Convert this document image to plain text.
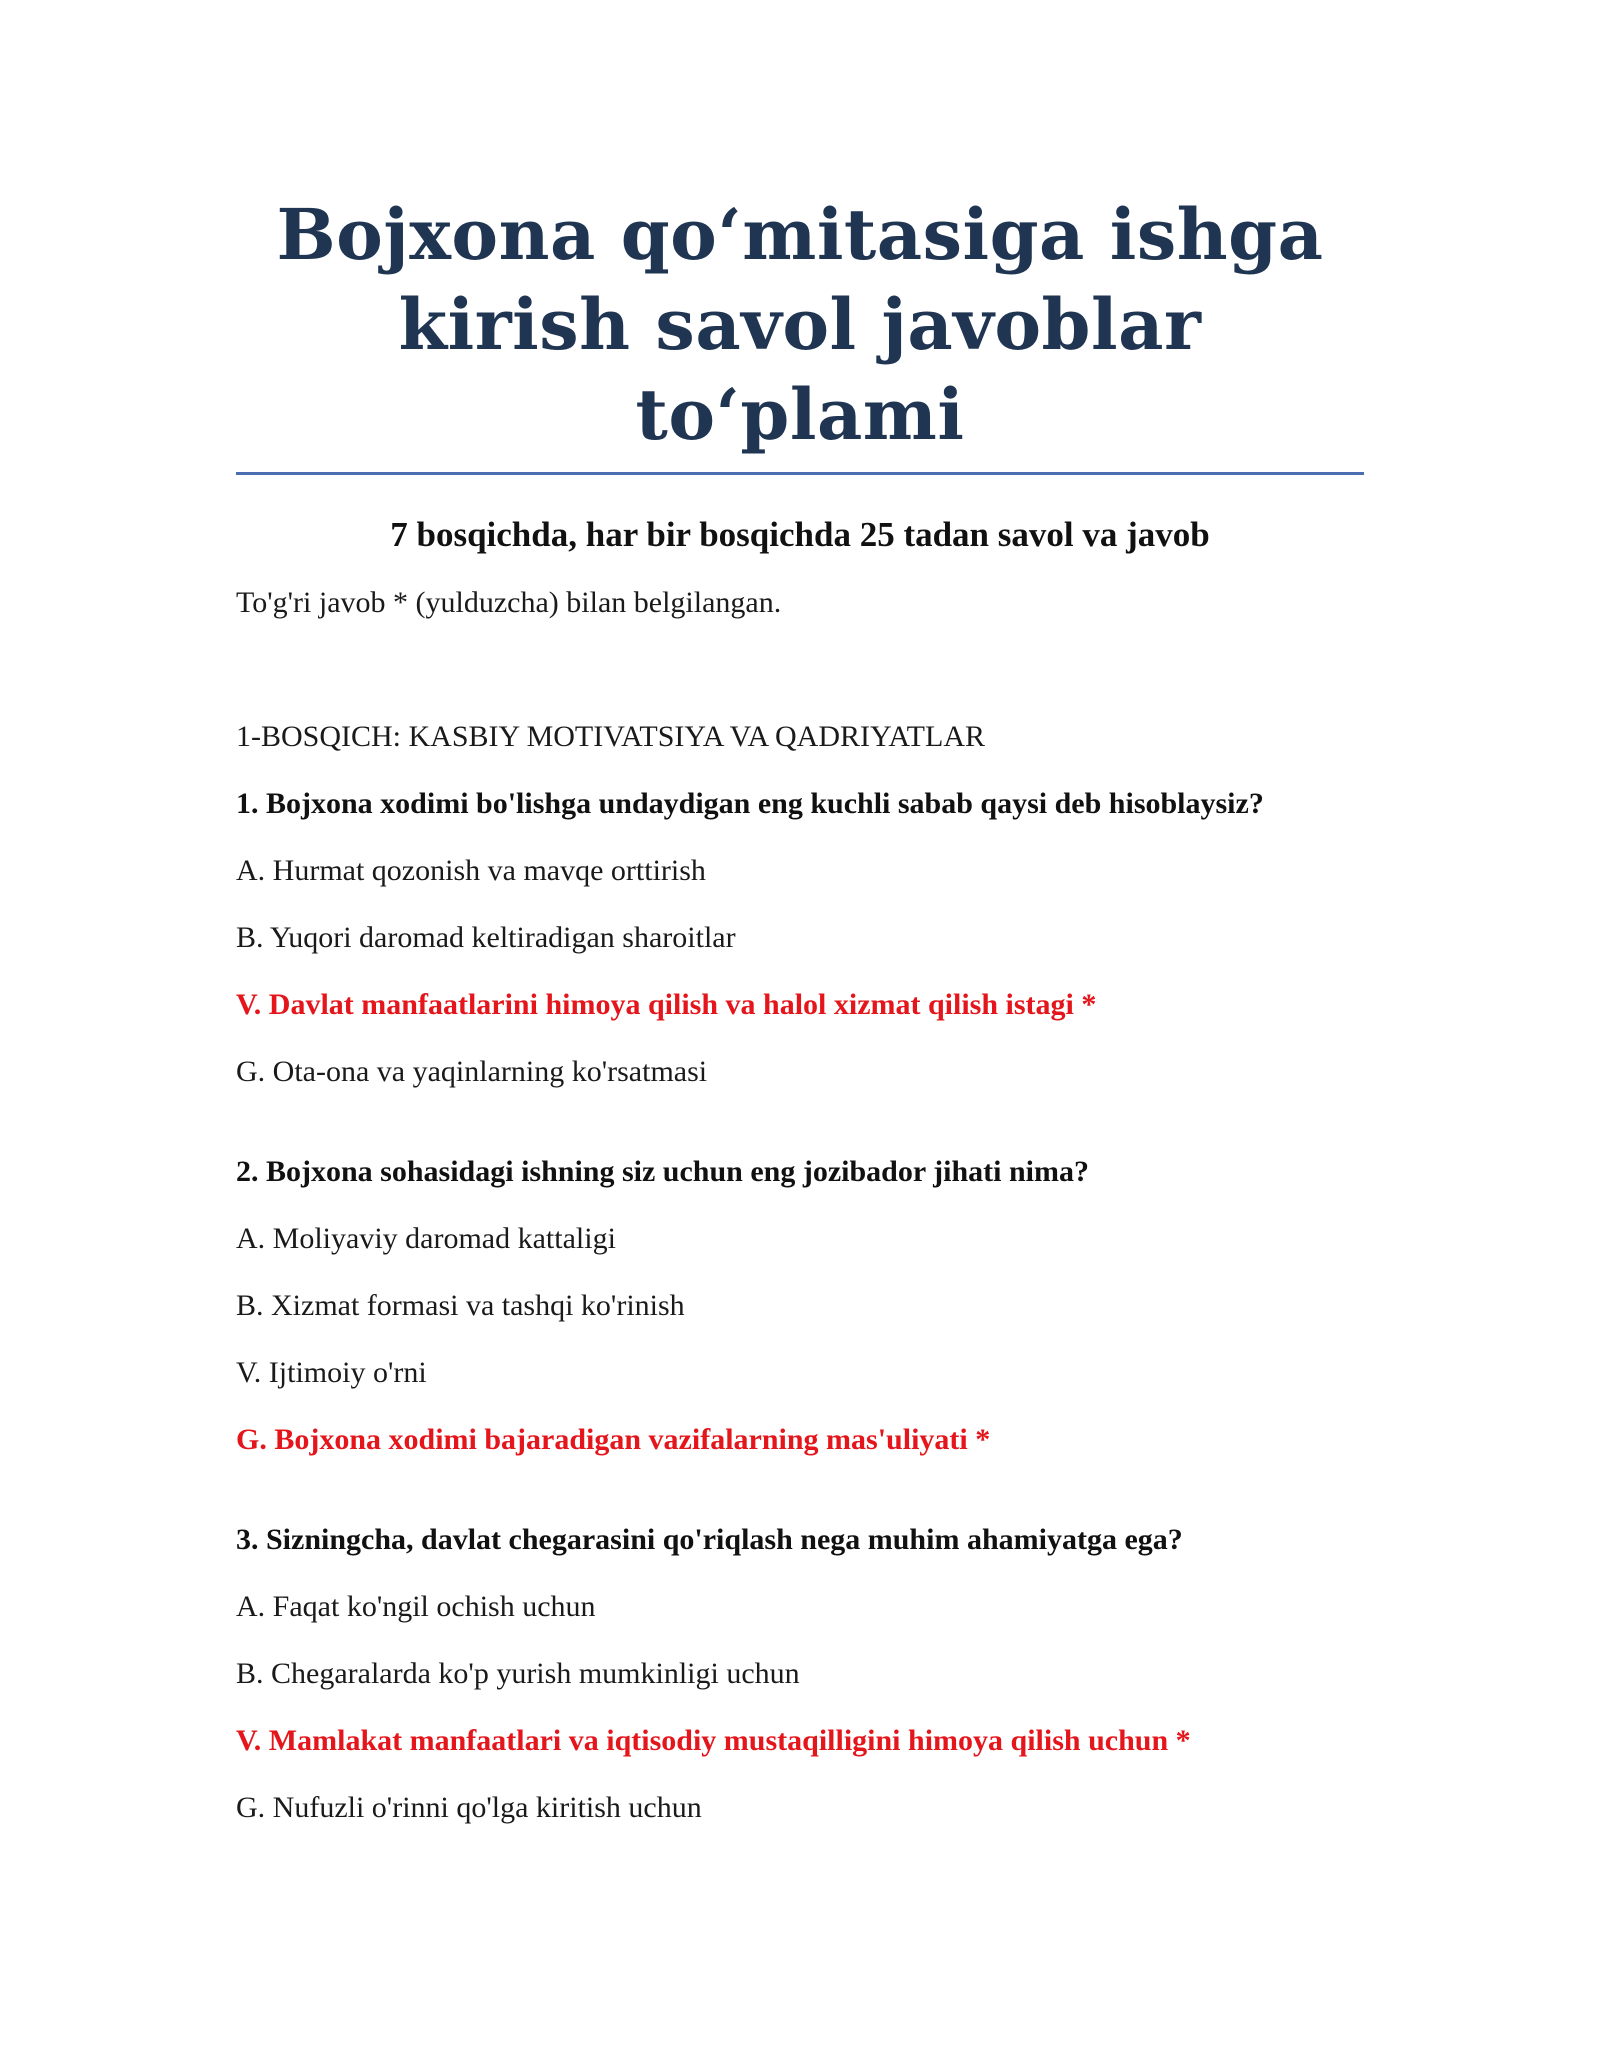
Bojxona qo‘mitasiga ishga
kirish savol javoblar to‘plami

7 bosqichda, har bir bosqichda 25 tadan savol va javob

To'g'ri javob * (yulduzcha) bilan belgilangan.

1-BOSQICH: KASBIY MOTIVATSIYA VA QADRIYATLAR

1. Bojxona xodimi bo'lishga undaydigan eng kuchli sabab qaysi deb hisoblaysiz?

A. Hurmat qozonish va mavqe orttirish
B. Yuqori daromad keltiradigan sharoitlar
V. Davlat manfaatlarini himoya qilish va halol xizmat qilish istagi *
G. Ota-ona va yaqinlarning ko'rsatmasi

2. Bojxona sohasidagi ishning siz uchun eng jozibador jihati nima?

A. Moliyaviy daromad kattaligi
B. Xizmat formasi va tashqi ko'rinish
V. Ijtimoiy o'rni
G. Bojxona xodimi bajaradigan vazifalarning mas'uliyati *

3. Sizningcha, davlat chegarasini qo'riqlash nega muhim ahamiyatga ega?

A. Faqat ko'ngil ochish uchun
B. Chegaralarda ko'p yurish mumkinligi uchun
V. Mamlakat manfaatlari va iqtisodiy mustaqilligini himoya qilish uchun *
G. Nufuzli o'rinni qo'lga kiritish uchun
